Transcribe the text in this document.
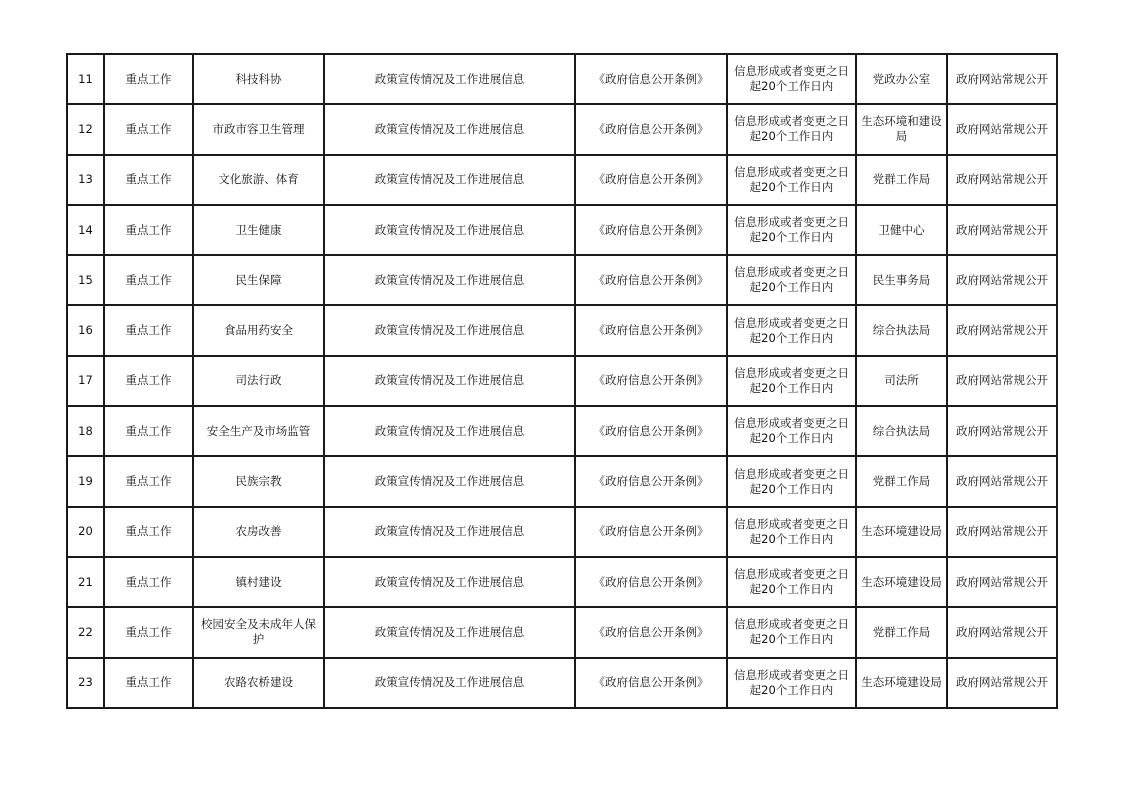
11	重点工作	科技科协	政策宣传情况及工作进展信息	《政府信息公开条例》	信息形成或者变更之日起20个工作日内	党政办公室	政府网站常规公开
12	重点工作	市政市容卫生管理	政策宣传情况及工作进展信息	《政府信息公开条例》	信息形成或者变更之日起20个工作日内	生态环境和建设局	政府网站常规公开
13	重点工作	文化旅游、体育	政策宣传情况及工作进展信息	《政府信息公开条例》	信息形成或者变更之日起20个工作日内	党群工作局	政府网站常规公开
14	重点工作	卫生健康	政策宣传情况及工作进展信息	《政府信息公开条例》	信息形成或者变更之日起20个工作日内	卫健中心	政府网站常规公开
15	重点工作	民生保障	政策宣传情况及工作进展信息	《政府信息公开条例》	信息形成或者变更之日起20个工作日内	民生事务局	政府网站常规公开
16	重点工作	食品用药安全	政策宣传情况及工作进展信息	《政府信息公开条例》	信息形成或者变更之日起20个工作日内	综合执法局	政府网站常规公开
17	重点工作	司法行政	政策宣传情况及工作进展信息	《政府信息公开条例》	信息形成或者变更之日起20个工作日内	司法所	政府网站常规公开
18	重点工作	安全生产及市场监管	政策宣传情况及工作进展信息	《政府信息公开条例》	信息形成或者变更之日起20个工作日内	综合执法局	政府网站常规公开
19	重点工作	民族宗教	政策宣传情况及工作进展信息	《政府信息公开条例》	信息形成或者变更之日起20个工作日内	党群工作局	政府网站常规公开
20	重点工作	农房改善	政策宣传情况及工作进展信息	《政府信息公开条例》	信息形成或者变更之日起20个工作日内	生态环境建设局	政府网站常规公开
21	重点工作	镇村建设	政策宣传情况及工作进展信息	《政府信息公开条例》	信息形成或者变更之日起20个工作日内	生态环境建设局	政府网站常规公开
22	重点工作	校园安全及未成年人保护	政策宣传情况及工作进展信息	《政府信息公开条例》	信息形成或者变更之日起20个工作日内	党群工作局	政府网站常规公开
23	重点工作	农路农桥建设	政策宣传情况及工作进展信息	《政府信息公开条例》	信息形成或者变更之日起20个工作日内	生态环境建设局	政府网站常规公开
